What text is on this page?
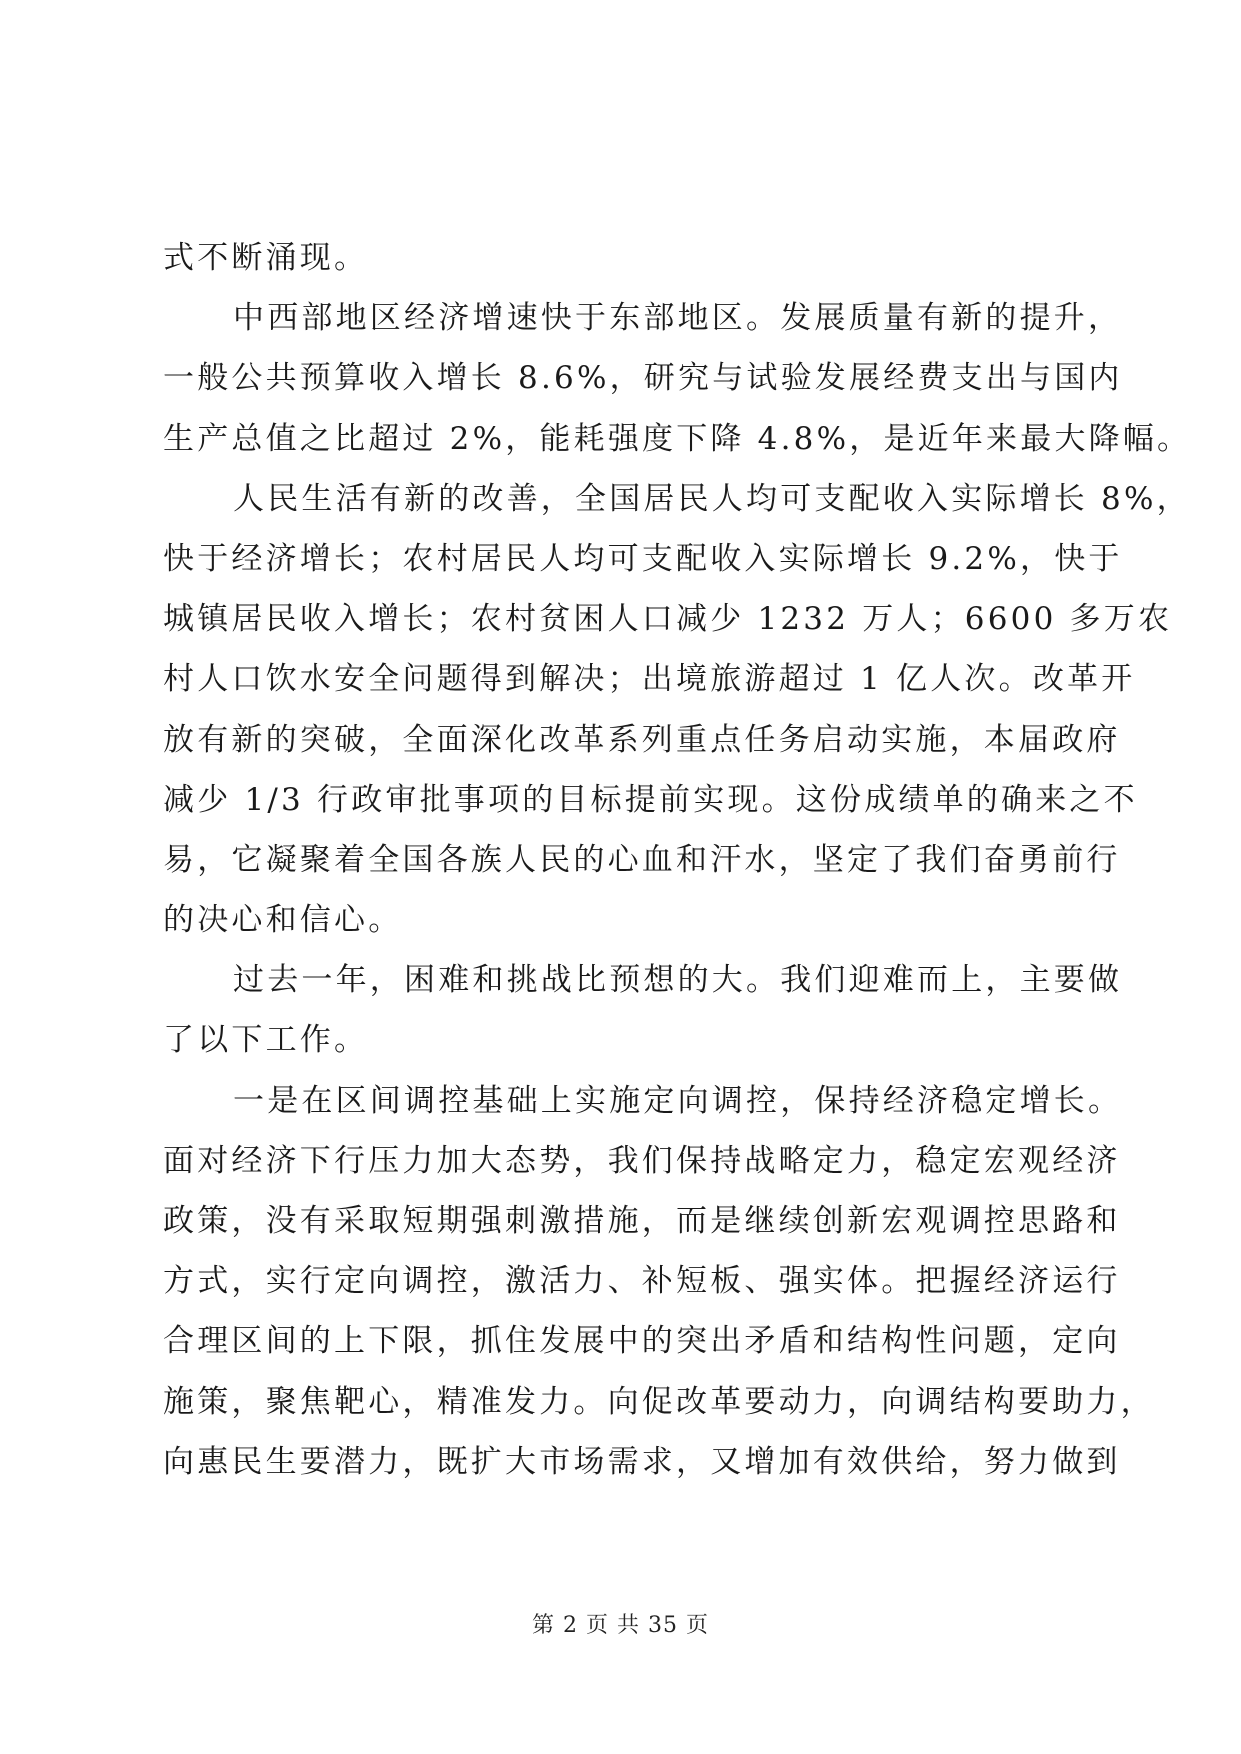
式不断涌现。
中西部地区经济增速快于东部地区。发展质量有新的提升，
一般公共预算收入增长 8.6%，研究与试验发展经费支出与国内
生产总值之比超过 2%，能耗强度下降 4.8%，是近年来最大降幅。
人民生活有新的改善，全国居民人均可支配收入实际增长 8%，
快于经济增长；农村居民人均可支配收入实际增长 9.2%，快于
城镇居民收入增长；农村贫困人口减少 1232 万人；6600 多万农
村人口饮水安全问题得到解决；出境旅游超过 1 亿人次。改革开
放有新的突破，全面深化改革系列重点任务启动实施，本届政府
减少 1/3 行政审批事项的目标提前实现。这份成绩单的确来之不
易，它凝聚着全国各族人民的心血和汗水，坚定了我们奋勇前行
的决心和信心。
过去一年，困难和挑战比预想的大。我们迎难而上，主要做
了以下工作。
一是在区间调控基础上实施定向调控，保持经济稳定增长。
面对经济下行压力加大态势，我们保持战略定力，稳定宏观经济
政策，没有采取短期强刺激措施，而是继续创新宏观调控思路和
方式，实行定向调控，激活力、补短板、强实体。把握经济运行
合理区间的上下限，抓住发展中的突出矛盾和结构性问题，定向
施策，聚焦靶心，精准发力。向促改革要动力，向调结构要助力，
向惠民生要潜力，既扩大市场需求，又增加有效供给，努力做到
第 2 页 共 35 页
